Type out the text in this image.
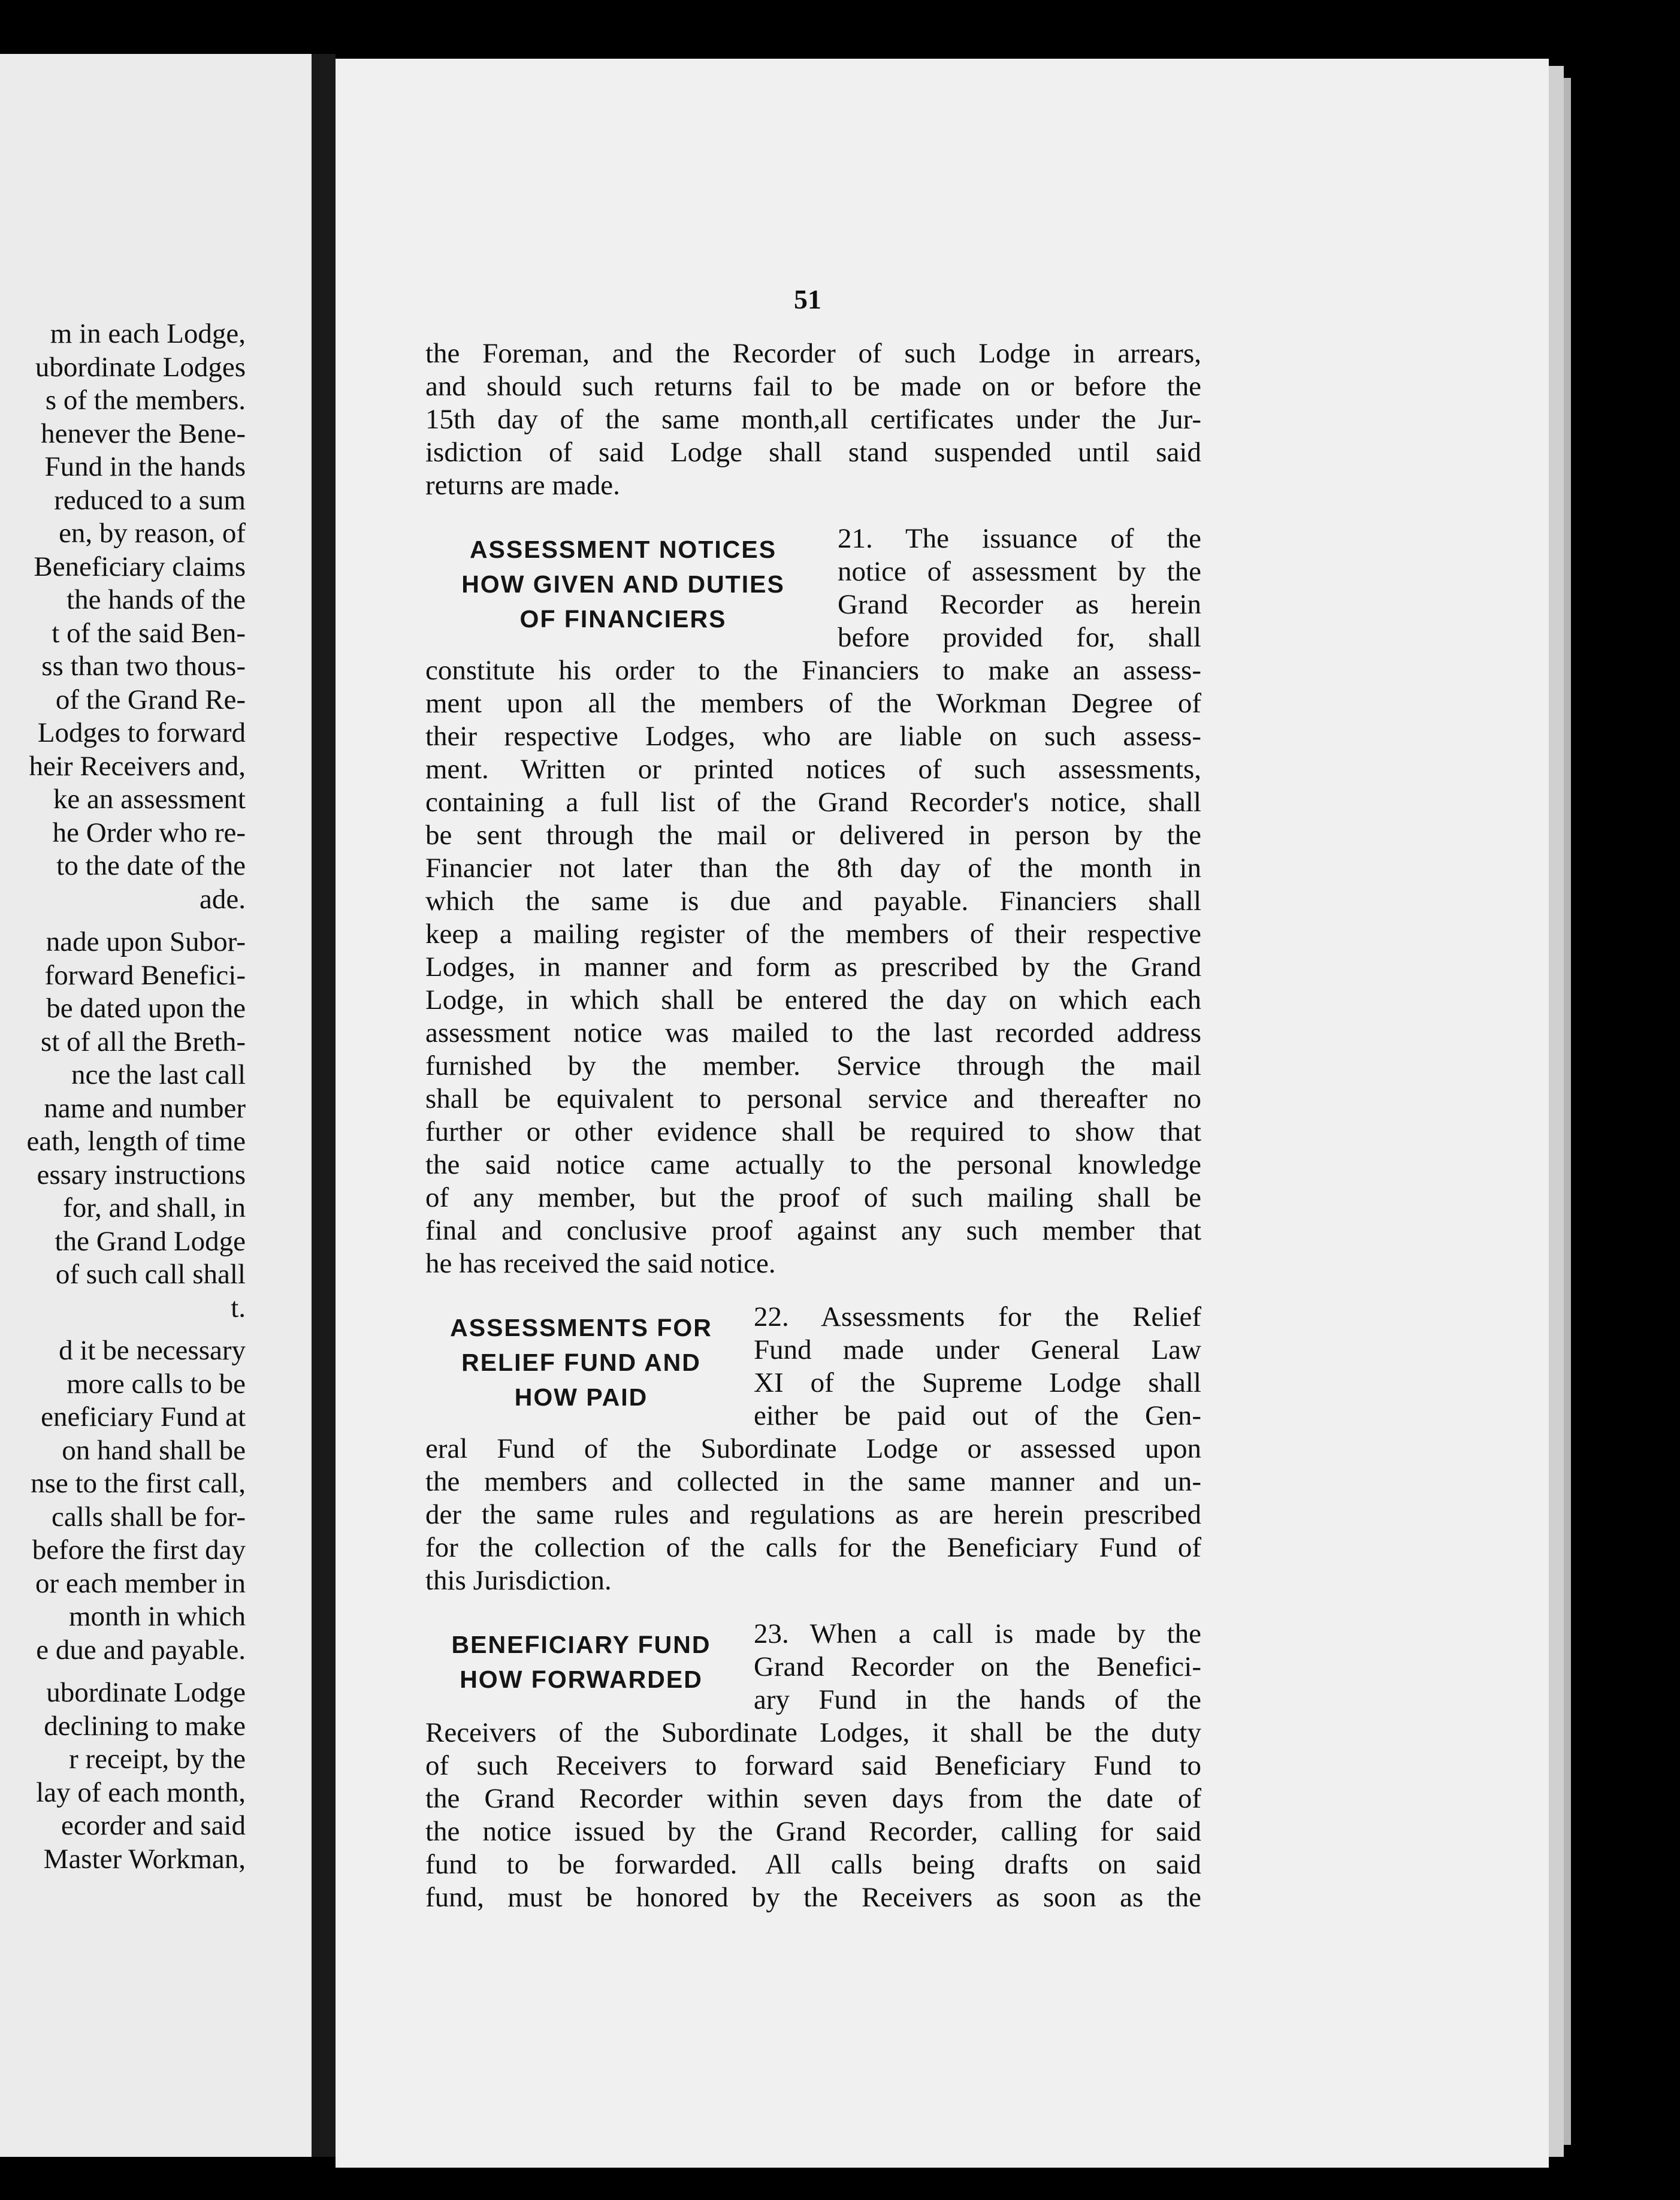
m in each Lodge,
ubordinate Lodges
s of the members.
henever the Bene-
Fund in the hands
reduced to a sum
en, by reason, of
Beneficiary claims
the hands of the
t of the said Ben-
ss than two thous-
of the Grand Re-
Lodges to forward
heir Receivers and,
ke an assessment
he Order who re-
to the date of the
ade.
nade upon Subor-
forward Benefici-
be dated upon the
st of all the Breth-
nce the last call
name and number
eath, length of time
essary instructions
for, and shall, in
the Grand Lodge
of such call shall
t.
d it be necessary
more calls to be
eneficiary Fund at
on hand shall be
nse to the first call,
calls shall be for-
before the first day
or each member in
month in which
e due and payable.
ubordinate Lodge
declining to make
r receipt, by the
lay of each month,
ecorder and said
Master Workman,
51
the Foreman, and the Recorder of such Lodge in arrears,
and should such returns fail to be made on or before the
15th day of the same month,all certificates under the Jur-
isdiction of said Lodge shall stand suspended until said
returns are made.
ASSESSMENT NOTICES
HOW GIVEN AND DUTIES
OF FINANCIERS
21. The issuance of the
notice of assessment by the
Grand Recorder as herein
before provided for, shall
constitute his order to the Financiers to make an assess-
ment upon all the members of the Workman Degree of
their respective Lodges, who are liable on such assess-
ment. Written or printed notices of such assessments,
containing a full list of the Grand Recorder's notice, shall
be sent through the mail or delivered in person by the
Financier not later than the 8th day of the month in
which the same is due and payable. Financiers shall
keep a mailing register of the members of their respective
Lodges, in manner and form as prescribed by the Grand
Lodge, in which shall be entered the day on which each
assessment notice was mailed to the last recorded address
furnished by the member. Service through the mail
shall be equivalent to personal service and thereafter no
further or other evidence shall be required to show that
the said notice came actually to the personal knowledge
of any member, but the proof of such mailing shall be
final and conclusive proof against any such member that
he has received the said notice.
ASSESSMENTS FOR
RELIEF FUND AND
HOW PAID
22. Assessments for the Relief
Fund made under General Law
XI of the Supreme Lodge shall
either be paid out of the Gen-
eral Fund of the Subordinate Lodge or assessed upon
the members and collected in the same manner and un-
der the same rules and regulations as are herein prescribed
for the collection of the calls for the Beneficiary Fund of
this Jurisdiction.
BENEFICIARY FUND
HOW FORWARDED
23. When a call is made by the
Grand Recorder on the Benefici-
ary Fund in the hands of the
Receivers of the Subordinate Lodges, it shall be the duty
of such Receivers to forward said Beneficiary Fund to
the Grand Recorder within seven days from the date of
the notice issued by the Grand Recorder, calling for said
fund to be forwarded. All calls being drafts on said
fund, must be honored by the Receivers as soon as the
